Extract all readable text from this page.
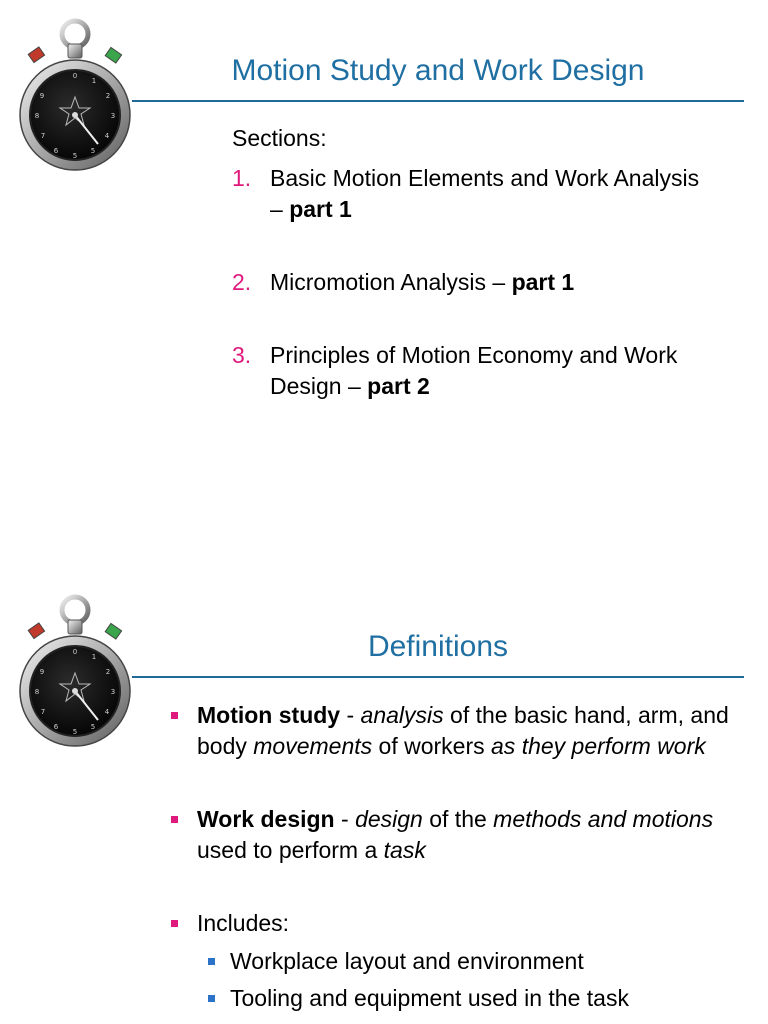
Motion Study and Work Design
Sections:
1. Basic Motion Elements and Work Analysis – part 1
2. Micromotion Analysis – part 1
3. Principles of Motion Economy and Work Design – part 2
Definitions
Motion study - analysis of the basic hand, arm, and body movements of workers as they perform work
Work design - design of the methods and motions used to perform a task
Includes:
Workplace layout and environment
Tooling and equipment used in the task
